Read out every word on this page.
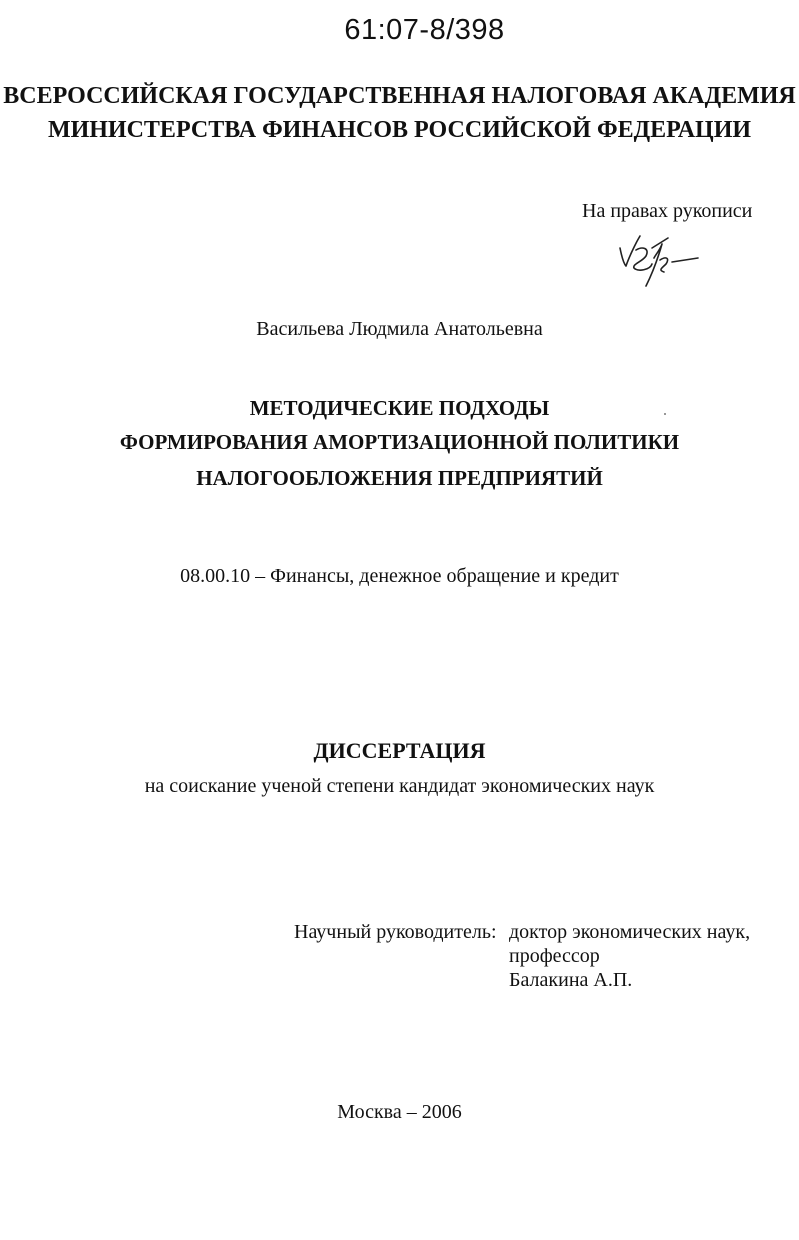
61:07-8/398
ВСЕРОССИЙСКАЯ ГОСУДАРСТВЕННАЯ НАЛОГОВАЯ АКАДЕМИЯ
МИНИСТЕРСТВА ФИНАНСОВ РОССИЙСКОЙ ФЕДЕРАЦИИ
На правах рукописи
Васильева Людмила Анатольевна
МЕТОДИЧЕСКИЕ ПОДХОДЫ
ФОРМИРОВАНИЯ АМОРТИЗАЦИОННОЙ ПОЛИТИКИ
НАЛОГООБЛОЖЕНИЯ ПРЕДПРИЯТИЙ
08.00.10 – Финансы, денежное обращение и кредит
ДИССЕРТАЦИЯ
на соискание ученой степени кандидат экономических наук
Научный руководитель: доктор экономических наук,
профессор
Балакина А.П.
Москва – 2006
